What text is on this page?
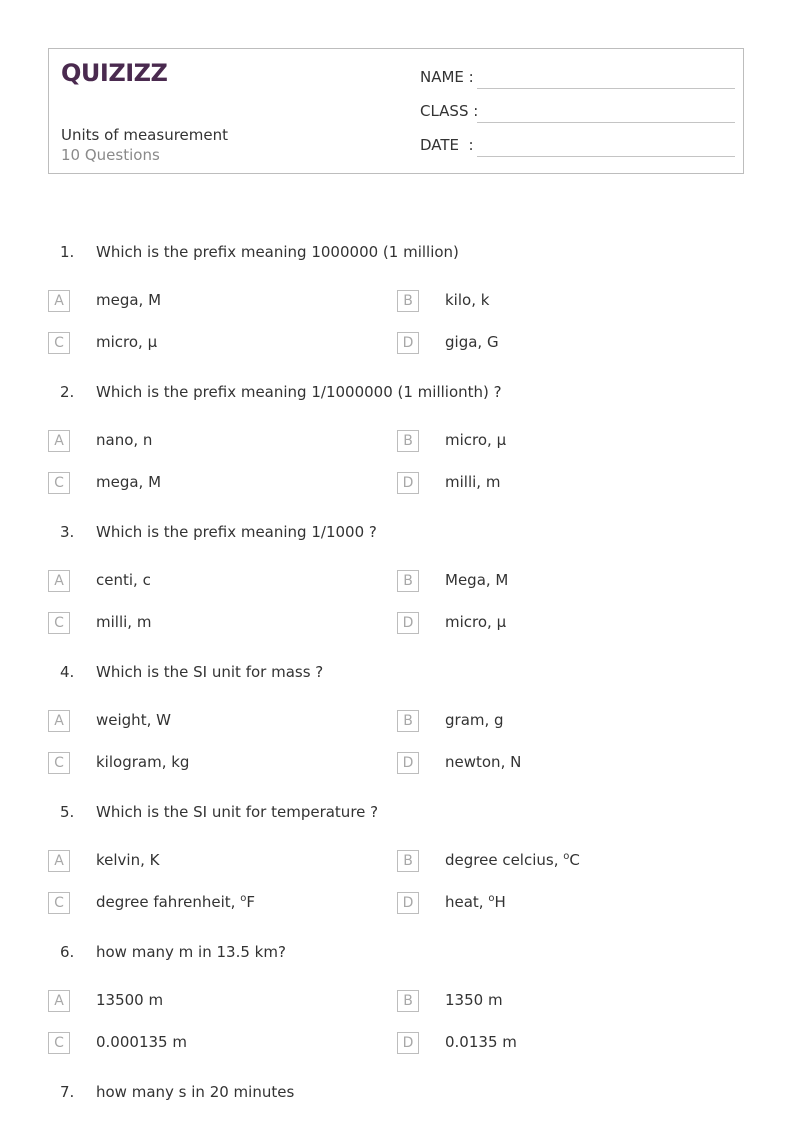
QUIZIZZ
Units of measurement
10 Questions
NAME :
CLASS :
DATE  :
1. Which is the prefix meaning 1000000 (1 million)
A	mega, M	B	kilo, k
C	micro, μ	D	giga, G
2. Which is the prefix meaning 1/1000000 (1 millionth) ?
A	nano, n	B	micro, μ
C	mega, M	D	milli, m
3. Which is the prefix meaning 1/1000 ?
A	centi, c	B	Mega, M
C	milli, m	D	micro, μ
4. Which is the SI unit for mass ?
A	weight, W	B	gram, g
C	kilogram, kg	D	newton, N
5. Which is the SI unit for temperature ?
A	kelvin, K	B	degree celcius, $^o$C
C	degree fahrenheit, $^o$F	D	heat, $^o$H
6. how many m in 13.5 km?
A	13500 m	B	1350 m
C	0.000135 m	D	0.0135 m
7. how many s in 20 minutes
